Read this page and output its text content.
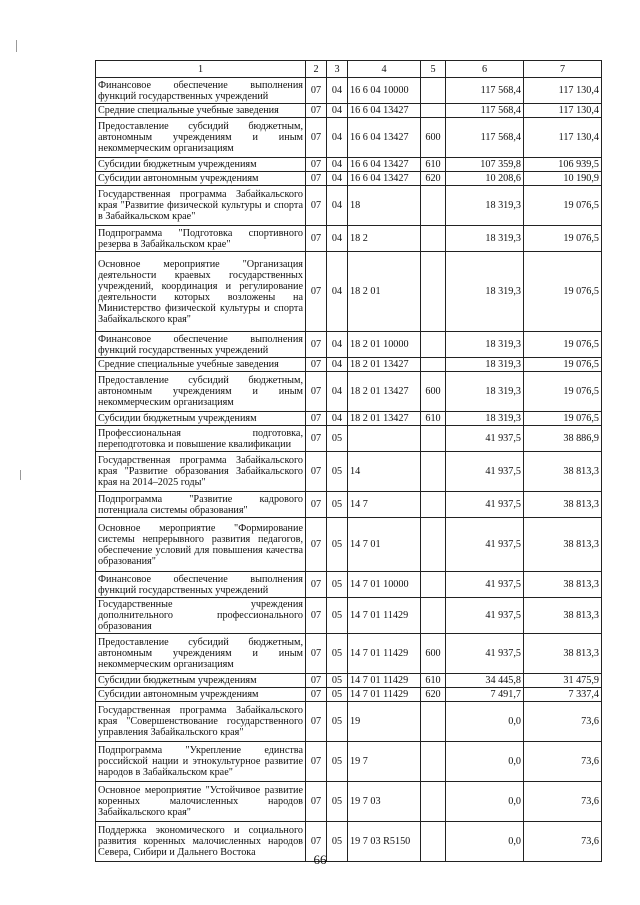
1	2	3	4	5	6	7
Финансовое обеспечение выполнения функций государственных учреждений	07	04	16 6 04 10000		117 568,4	117 130,4
Средние специальные учебные заведения	07	04	16 6 04 13427		117 568,4	117 130,4
Предоставление субсидий бюджетным, автономным учреждениям и иным некоммерческим организациям	07	04	16 6 04 13427	600	117 568,4	117 130,4
Субсидии бюджетным учреждениям	07	04	16 6 04 13427	610	107 359,8	106 939,5
Субсидии автономным учреждениям	07	04	16 6 04 13427	620	10 208,6	10 190,9
Государственная программа Забайкальского края "Развитие физической культуры и спорта в Забайкальском крае"	07	04	18		18 319,3	19 076,5
Подпрограмма "Подготовка спортивного резерва в Забайкальском крае"	07	04	18 2		18 319,3	19 076,5
Основное мероприятие "Организация деятельности краевых государственных учреждений, координация и регулирование деятельности которых возложены на Министерство физической культуры и спорта Забайкальского края"	07	04	18 2 01		18 319,3	19 076,5
Финансовое обеспечение выполнения функций государственных учреждений	07	04	18 2 01 10000		18 319,3	19 076,5
Средние специальные учебные заведения	07	04	18 2 01 13427		18 319,3	19 076,5
Предоставление субсидий бюджетным, автономным учреждениям и иным некоммерческим организациям	07	04	18 2 01 13427	600	18 319,3	19 076,5
Субсидии бюджетным учреждениям	07	04	18 2 01 13427	610	18 319,3	19 076,5
Профессиональная подготовка, переподготовка и повышение квалификации	07	05			41 937,5	38 886,9
Государственная программа Забайкальского края "Развитие образования Забайкальского края на 2014–2025 годы"	07	05	14		41 937,5	38 813,3
Подпрограмма "Развитие кадрового потенциала системы образования"	07	05	14 7		41 937,5	38 813,3
Основное мероприятие "Формирование системы непрерывного развития педагогов, обеспечение условий для повышения качества образования"	07	05	14 7 01		41 937,5	38 813,3
Финансовое обеспечение выполнения функций государственных учреждений	07	05	14 7 01 10000		41 937,5	38 813,3
Государственные учреждения дополнительного профессионального образования	07	05	14 7 01 11429		41 937,5	38 813,3
Предоставление субсидий бюджетным, автономным учреждениям и иным некоммерческим организациям	07	05	14 7 01 11429	600	41 937,5	38 813,3
Субсидии бюджетным учреждениям	07	05	14 7 01 11429	610	34 445,8	31 475,9
Субсидии автономным учреждениям	07	05	14 7 01 11429	620	7 491,7	7 337,4
Государственная программа Забайкальского края "Совершенствование государственного управления Забайкальского края"	07	05	19		0,0	73,6
Подпрограмма "Укрепление единства российской нации и этнокультурное развитие народов в Забайкальском крае"	07	05	19 7		0,0	73,6
Основное мероприятие "Устойчивое развитие коренных малочисленных народов Забайкальского края"	07	05	19 7 03		0,0	73,6
Поддержка экономического и социального развития коренных малочисленных народов Севера, Сибири и Дальнего Востока	07	05	19 7 03 R5150		0,0	73,6
66
